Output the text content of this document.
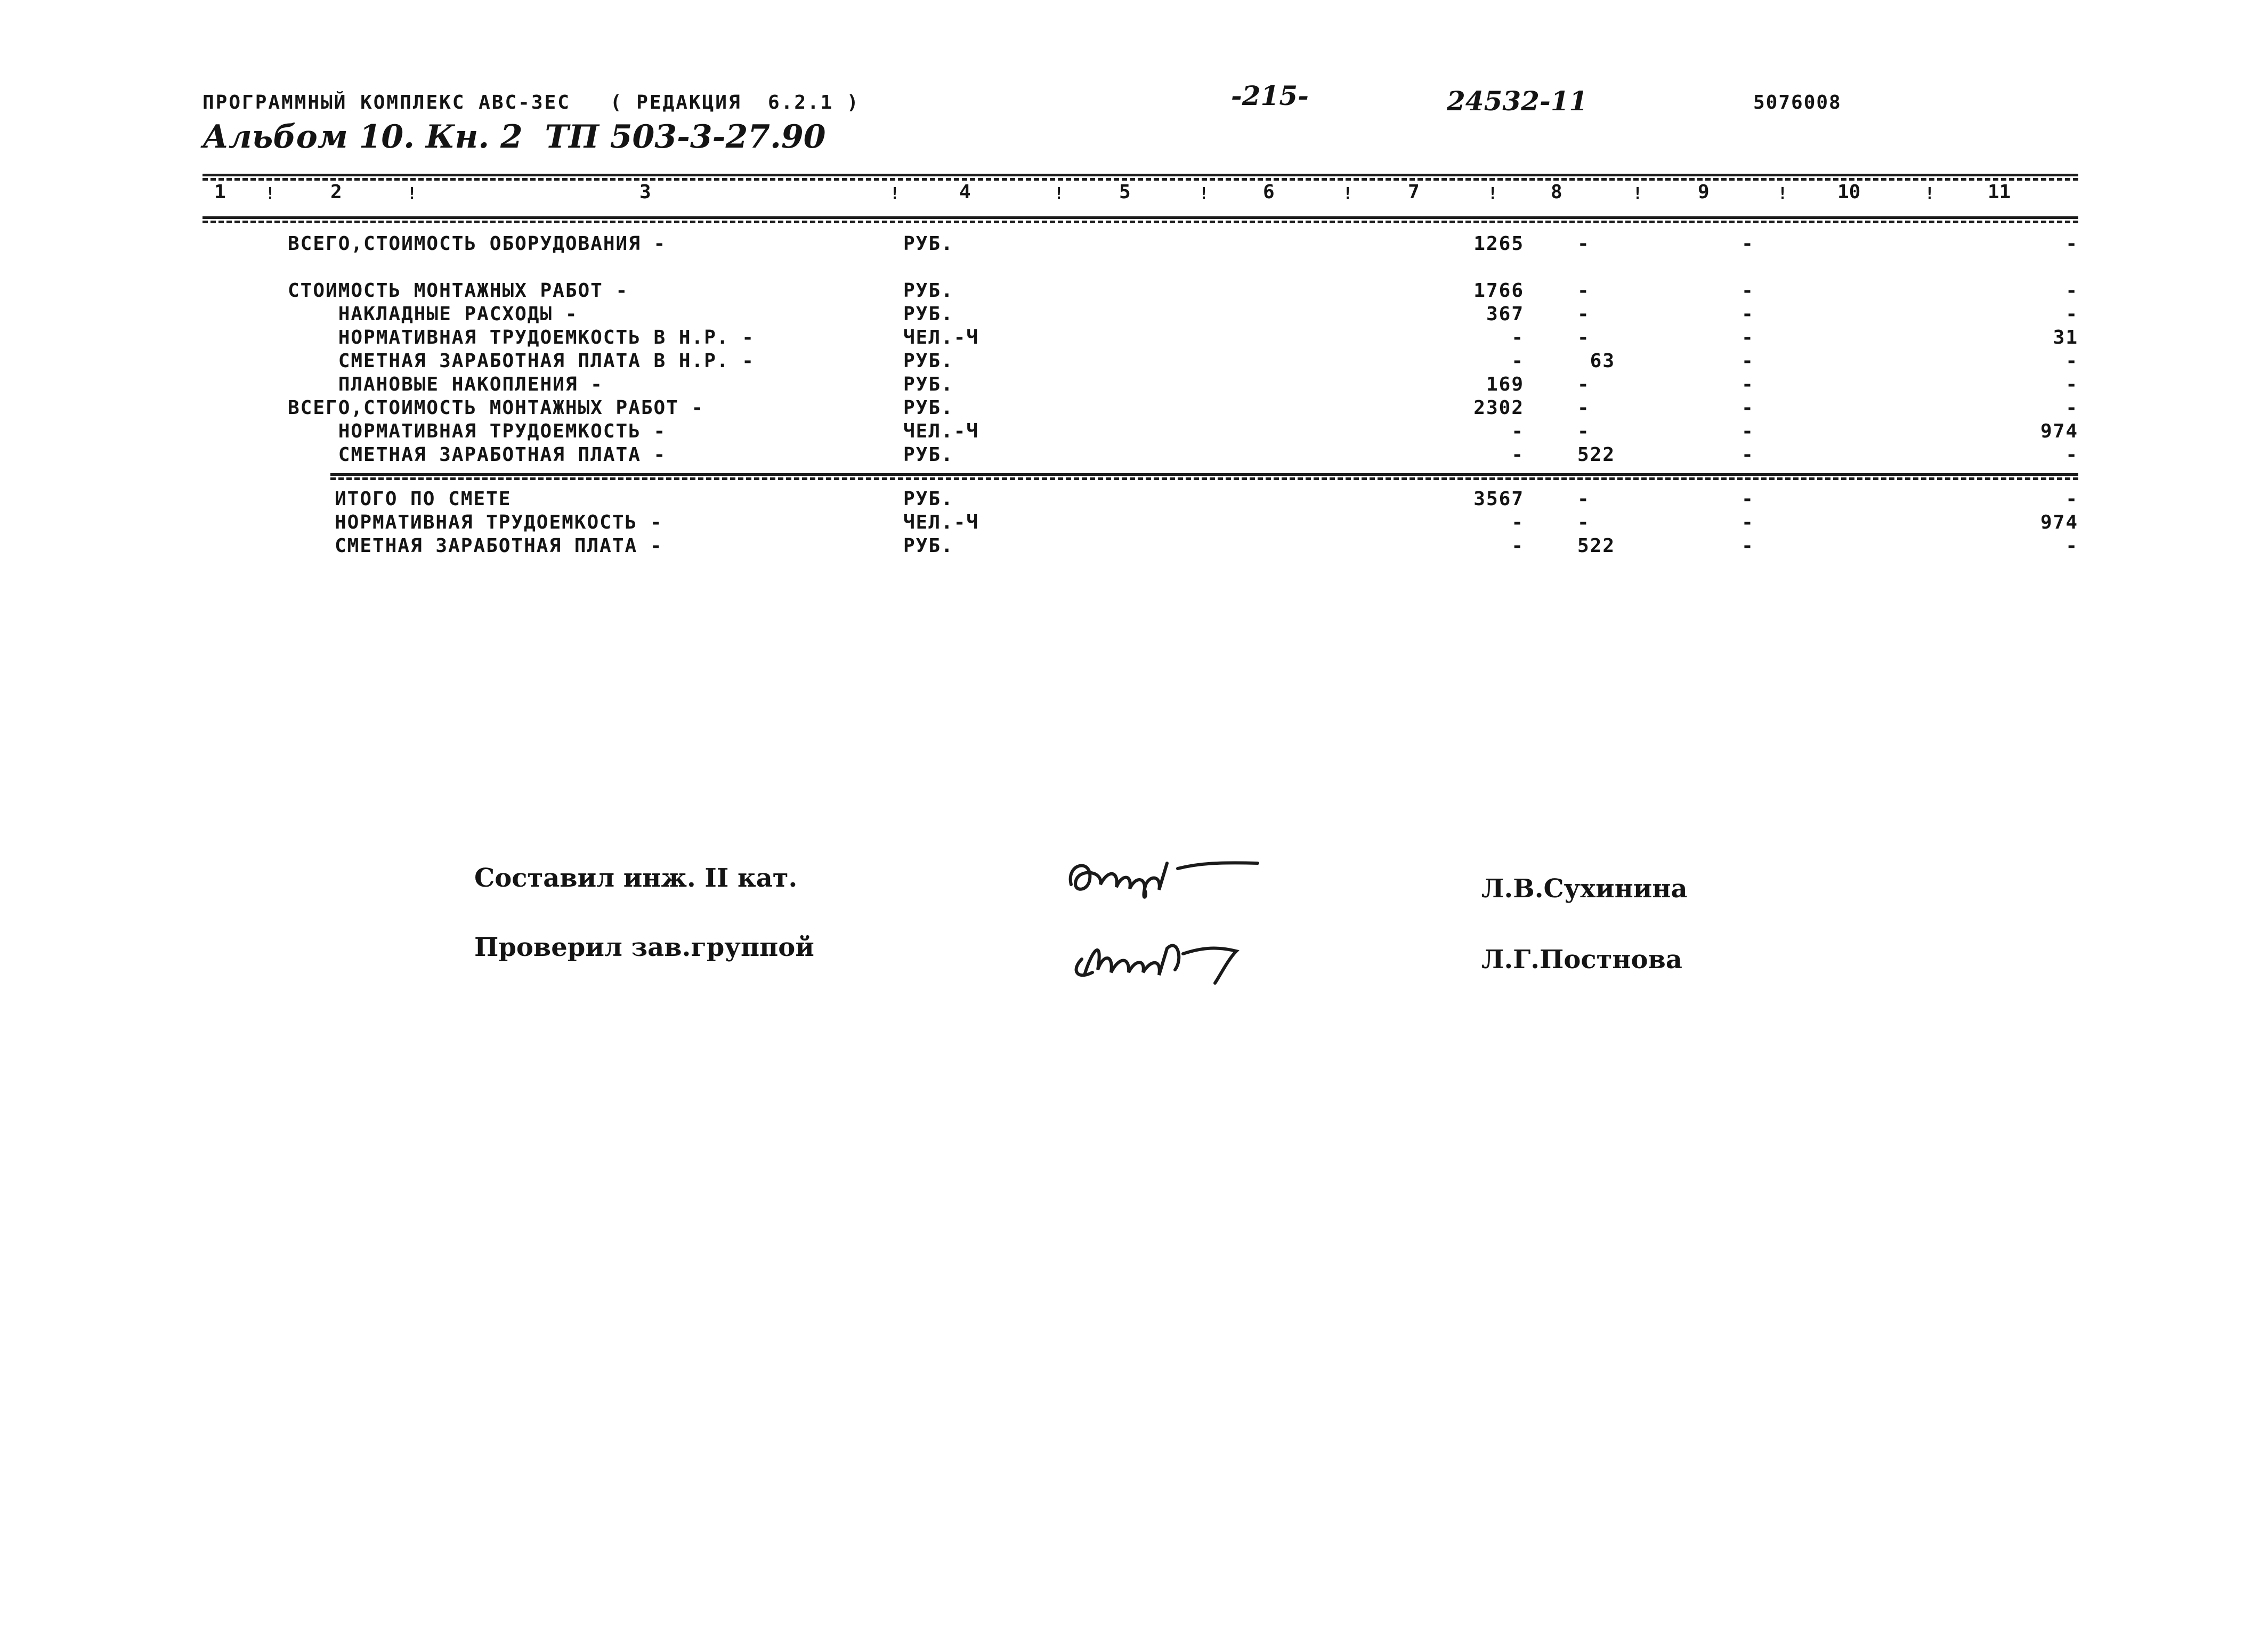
ПРОГРАММНЫЙ КОМПЛЕКС АВС-ЗЕС   ( РЕДАКЦИЯ  6.2.1 )	-215-	24532-11	5076008
Альбом 10. Кн. 2  ТП 503-3-27.90
1 !	2	!	3	!	4	!	5	!	6	!	7	!	8	!	9	!	10	!	11
ВСЕГО,СТОИМОСТЬ ОБОРУДОВАНИЯ -	РУБ.	1265	-	-	-
СТОИМОСТЬ МОНТАЖНЫХ РАБОТ -	РУБ.	1766	-	-	-
НАКЛАДНЫЕ РАСХОДЫ -	РУБ.	367	-	-	-
НОРМАТИВНАЯ ТРУДОЕМКОСТЬ В Н.Р. -	ЧЕЛ.-Ч	-	-	-	31
СМЕТНАЯ ЗАРАБОТНАЯ ПЛАТА В Н.Р. -	РУБ.	-	63	-	-
ПЛАНОВЫЕ НАКОПЛЕНИЯ -	РУБ.	169	-	-	-
ВСЕГО,СТОИМОСТЬ МОНТАЖНЫХ РАБОТ -	РУБ.	2302	-	-	-
НОРМАТИВНАЯ ТРУДОЕМКОСТЬ -	ЧЕЛ.-Ч	-	-	-	974
СМЕТНАЯ ЗАРАБОТНАЯ ПЛАТА -	РУБ.	-	522	-	-
ИТОГО ПО СМЕТЕ	РУБ.	3567	-	-	-
НОРМАТИВНАЯ ТРУДОЕМКОСТЬ -	ЧЕЛ.-Ч	-	-	-	974
СМЕТНАЯ ЗАРАБОТНАЯ ПЛАТА -	РУБ.	-	522	-	-
Составил инж. II кат.
Проверил зав.группой
Л.В.Сухинина
Л.Г.Постнова
